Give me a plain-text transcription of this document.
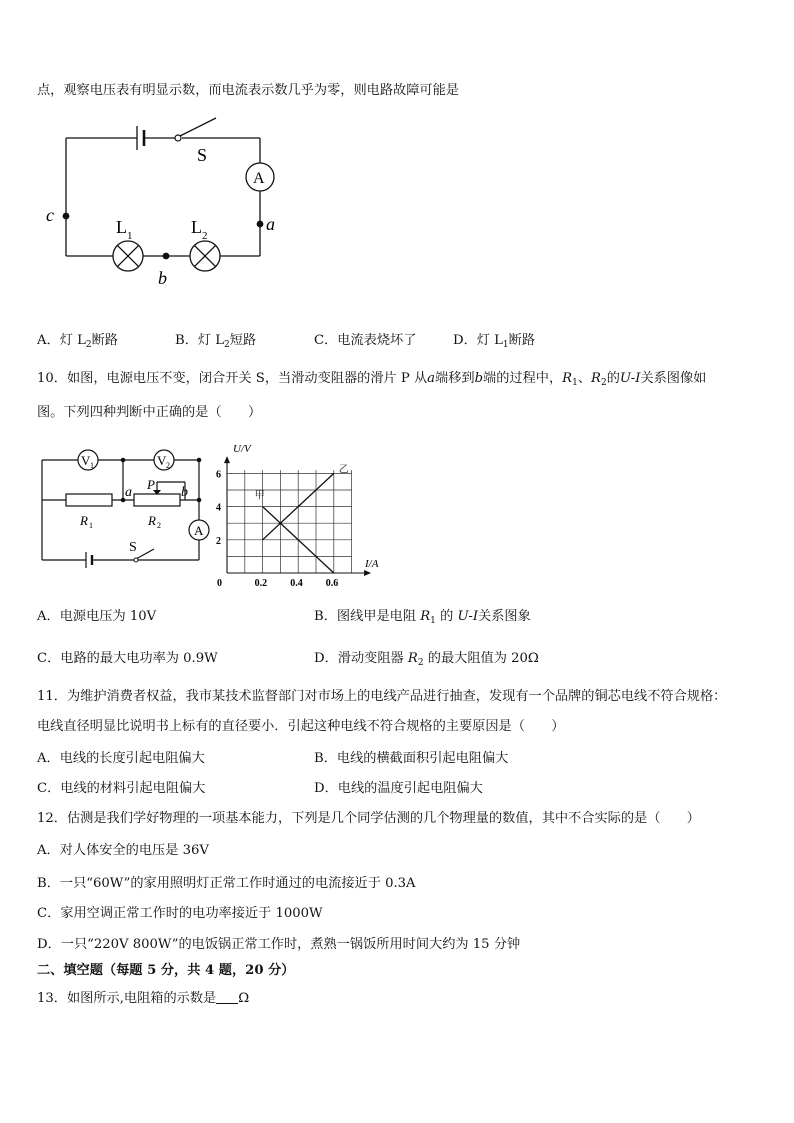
点，观察电压表有明显示数，而电流表示数几乎为零，则电路故障可能是
S
A
a
b
c
L 1	L 2
A．灯 $L_2$断路	B．灯 $L_2$短路	C．电流表烧坏了	D．灯 $L_1$断路
10．如图，电源电压不变，闭合开关 S，当滑动变阻器的滑片 P 从a端移到b端的过程中，$R_1$、$R_2$的U-I关系图像如
图。下列四种判断中正确的是（　　）
V 1	V 2
R 1	R 2
P
a	b
A
S
0	0.2 0.4 0.6
2
4
6
甲
乙
U/V
I/A
A．电源电压为 10V	B．图线甲是电阻 $R_1$ 的 U-I关系图象
C．电路的最大电功率为 0.9W	D．滑动变阻器 $R_2$ 的最大阻值为 20Ω
11．为维护消费者权益，我市某技术监督部门对市场上的电线产品进行抽查，发现有一个品牌的铜芯电线不符合规格：
电线直径明显比说明书上标有的直径要小．引起这种电线不符合规格的主要原因是（　　）
A．电线的长度引起电阻偏大	B．电线的横截面积引起电阻偏大
C．电线的材料引起电阻偏大	D．电线的温度引起电阻偏大
12．估测是我们学好物理的一项基本能力，下列是几个同学估测的几个物理量的数值，其中不合实际的是（　　）
A．对人体安全的电压是 36V
B．一只“60W”的家用照明灯正常工作时通过的电流接近于 0.3A
C．家用空调正常工作时的电功率接近于 1000W
D．一只“220V 800W”的电饭锅正常工作时，煮熟一锅饭所用时间大约为 15 分钟
二、填空题（每题 5 分，共 4 题，20 分）
13．如图所示,电阻箱的示数是 Ω
